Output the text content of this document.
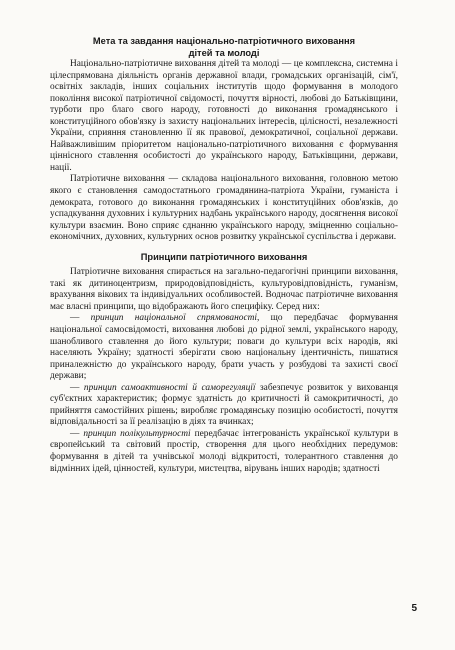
Мета та завдання національно-патріотичного виховання
дітей та молоді

Національно-патріотичне виховання дітей та молоді — це комплексна, системна і цілеспрямована діяльність органів державної влади, громадських організацій, сім'ї, освітніх закладів, інших соціальних інститутів щодо формування в молодого покоління високої патріотичної свідомості, почуття вірності, любові до Батьківщини, турботи про благо свого народу, готовності до виконання громадянського і конституційного обов'язку із захисту національних інтересів, цілісності, незалежності України, сприяння становленню її як правової, демократичної, соціальної держави. Найважливішим пріоритетом національно-патріотичного виховання є формування ціннісного ставлення особистості до українського народу, Батьківщини, держави, нації.

Патріотичне виховання — складова національного виховання, головною метою якого є становлення самодостатнього громадянина-патріота України, гуманіста і демократа, готового до виконання громадянських і конституційних обов'язків, до успадкування духовних і культурних надбань українського народу, досягнення високої культури взаємин. Воно сприяє єднанню українського народу, зміцненню соціально-економічних, духовних, культурних основ розвитку української суспільства і держави.

Принципи патріотичного виховання

Патріотичне виховання спирається на загально-педагогічні принципи виховання, такі як дитиноцентризм, природовідповідність, культуровідповідність, гуманізм, врахування вікових та індивідуальних особливостей. Водночас патріотичне виховання має власні принципи, що відображають його специфіку. Серед них:

— принцип національної спрямованості, що передбачає формування національної самосвідомості, виховання любові до рідної землі, українського народу, шанобливого ставлення до його культури; поваги до культури всіх народів, які населяють Україну; здатності зберігати свою національну ідентичність, пишатися приналежністю до українського народу, брати участь у розбудові та захисті своєї держави;

— принцип самоактивності й саморегуляції забезпечує розвиток у вихованця суб'єктних характеристик; формує здатність до критичності й самокритичності, до прийняття самостійних рішень; виробляє громадянську позицію особистості, почуття відповідальності за її реалізацію в діях та вчинках;

— принцип полікультурності передбачає інтегрованість української культури в європейський та світовий простір, створення для цього необхідних передумов: формування в дітей та учнівської молоді відкритості, толерантного ставлення до відмінних ідей, цінностей, культури, мистецтва, вірувань інших народів; здатності

5
